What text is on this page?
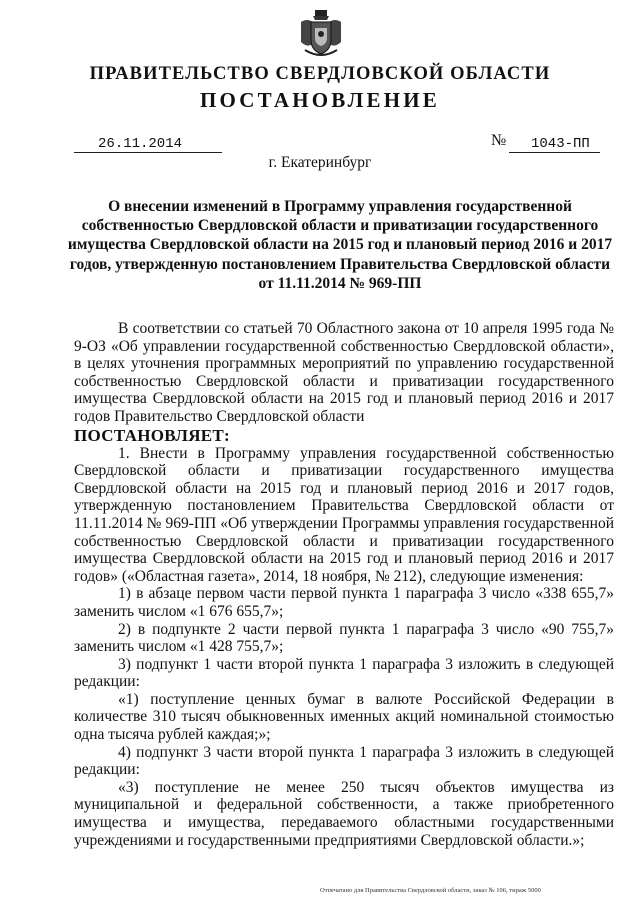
ПРАВИТЕЛЬСТВО СВЕРДЛОВСКОЙ ОБЛАСТИ
ПОСТАНОВЛЕНИЕ
26.11.2014	№	1043-ПП
г. Екатеринбург
О внесении изменений в Программу управления государственной собственностью Свердловской области и приватизации государственного имущества Свердловской области на 2015 год и плановый период 2016 и 2017 годов, утвержденную постановлением Правительства Свердловской области от 11.11.2014 № 969-ПП

В соответствии со статьей 70 Областного закона от 10 апреля 1995 года № 9-ОЗ «Об управлении государственной собственностью Свердловской области», в целях уточнения программных мероприятий по управлению государственной собственностью Свердловской области и приватизации государственного имущества Свердловской области на 2015 год и плановый период 2016 и 2017 годов Правительство Свердловской области

ПОСТАНОВЛЯЕТ:

1. Внести в Программу управления государственной собственностью Свердловской области и приватизации государственного имущества Свердловской области на 2015 год и плановый период 2016 и 2017 годов, утвержденную постановлением Правительства Свердловской области от 11.11.2014 № 969-ПП «Об утверждении Программы управления государственной собственностью Свердловской области и приватизации государственного имущества Свердловской области на 2015 год и плановый период 2016 и 2017 годов» («Областная газета», 2014, 18 ноября, № 212), следующие изменения:

1) в абзаце первом части первой пункта 1 параграфа 3 число «338 655,7» заменить числом «1 676 655,7»;

2) в подпункте 2 части первой пункта 1 параграфа 3 число «90 755,7» заменить числом «1 428 755,7»;

3) подпункт 1 части второй пункта 1 параграфа 3 изложить в следующей редакции:

«1) поступление ценных бумаг в валюте Российской Федерации в количестве 310 тысяч обыкновенных именных акций номинальной стоимостью одна тысяча рублей каждая;»;

4) подпункт 3 части второй пункта 1 параграфа 3 изложить в следующей редакции:

«3) поступление не менее 250 тысяч объектов имущества из муниципальной и федеральной собственности, а также приобретенного имущества и имущества, передаваемого областными государственными учреждениями и государственными предприятиями Свердловской области.»;

Отпечатано для Правительства Свердловской области, заказ № 106, тираж 5000
